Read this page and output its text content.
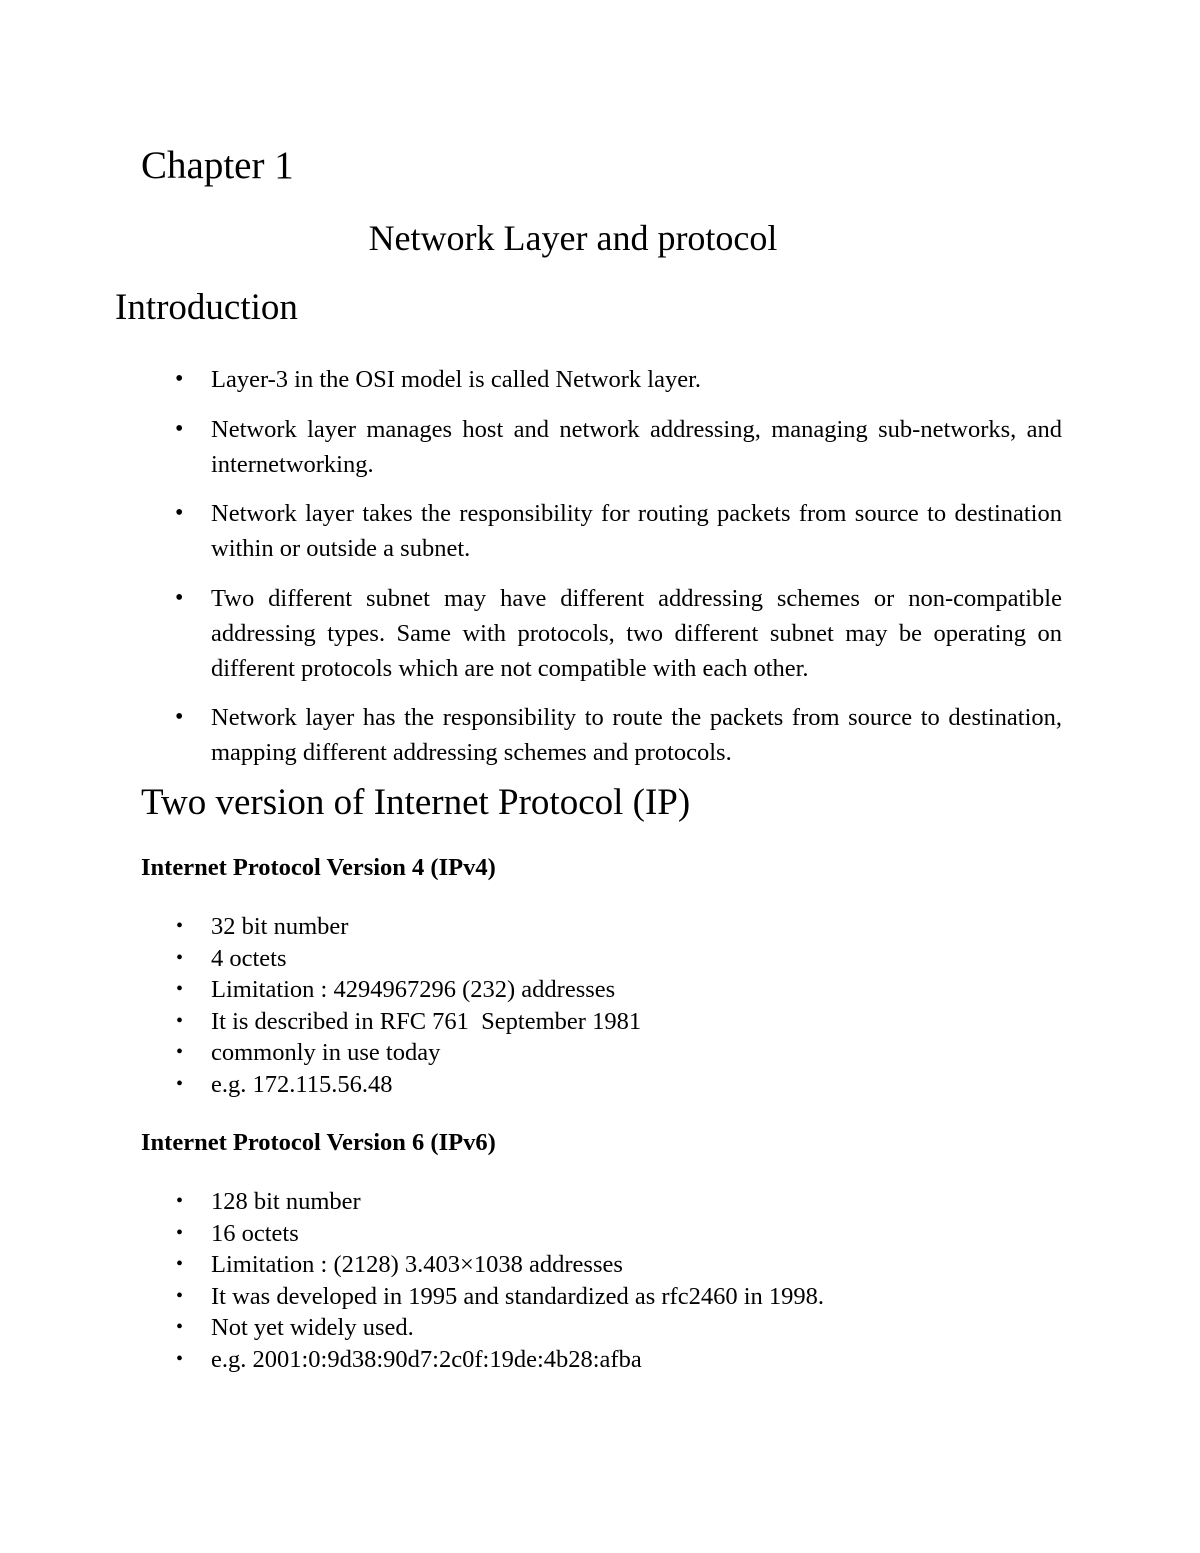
Chapter 1
Network Layer and protocol
Introduction
• Layer-3 in the OSI model is called Network layer.
• Network layer manages host and network addressing, managing sub-networks, and internetworking.
• Network layer takes the responsibility for routing packets from source to destination within or outside a subnet.
• Two different subnet may have different addressing schemes or non-compatible addressing types. Same with protocols, two different subnet may be operating on different protocols which are not compatible with each other.
• Network layer has the responsibility to route the packets from source to destination, mapping different addressing schemes and protocols.
Two version of Internet Protocol (IP)
Internet Protocol Version 4 (IPv4)
• 32 bit number
• 4 octets
• Limitation : 4294967296 (232) addresses
• It is described in RFC 761  September 1981
• commonly in use today
• e.g. 172.115.56.48
Internet Protocol Version 6 (IPv6)
• 128 bit number
• 16 octets
• Limitation : (2128) 3.403×1038 addresses
• It was developed in 1995 and standardized as rfc2460 in 1998.
• Not yet widely used.
• e.g. 2001:0:9d38:90d7:2c0f:19de:4b28:afba
